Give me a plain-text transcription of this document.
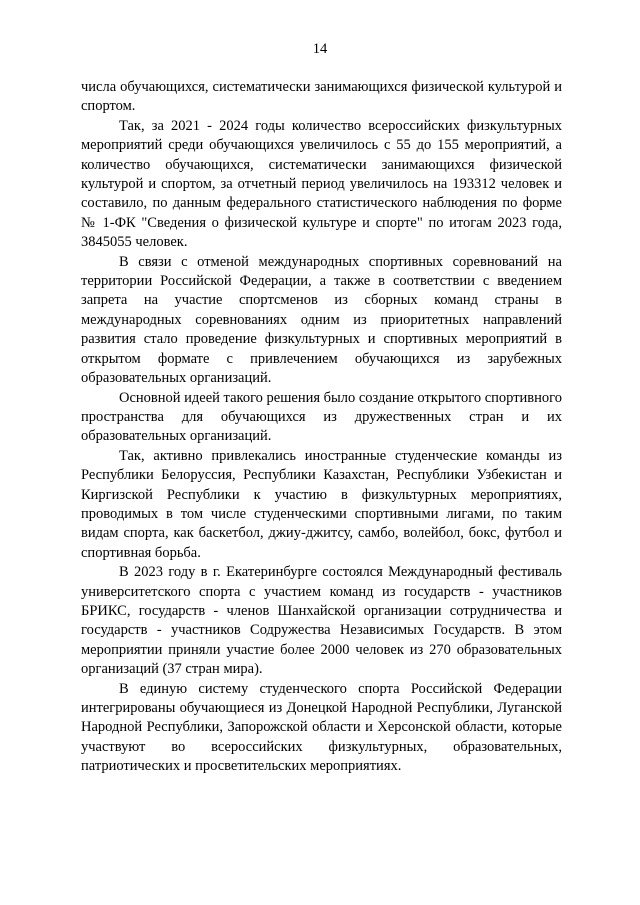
14

числа обучающихся, систематически занимающихся физической культурой и спортом.

Так, за 2021 - 2024 годы количество всероссийских физкультурных мероприятий среди обучающихся увеличилось с 55 до 155 мероприятий, а количество обучающихся, систематически занимающихся физической культурой и спортом, за отчетный период увеличилось на 193312 человек и составило, по данным федерального статистического наблюдения по форме № 1-ФК "Сведения о физической культуре и спорте" по итогам 2023 года, 3845055 человек.

В связи с отменой международных спортивных соревнований на территории Российской Федерации, а также в соответствии с введением запрета на участие спортсменов из сборных команд страны в международных соревнованиях одним из приоритетных направлений развития стало проведение физкультурных и спортивных мероприятий в открытом формате с привлечением обучающихся из зарубежных образовательных организаций.

Основной идеей такого решения было создание открытого спортивного пространства для обучающихся из дружественных стран и их образовательных организаций.

Так, активно привлекались иностранные студенческие команды из Республики Белоруссия, Республики Казахстан, Республики Узбекистан и Киргизской Республики к участию в физкультурных мероприятиях, проводимых в том числе студенческими спортивными лигами, по таким видам спорта, как баскетбол, джиу-джитсу, самбо, волейбол, бокс, футбол и спортивная борьба.

В 2023 году в г. Екатеринбурге состоялся Международный фестиваль университетского спорта с участием команд из государств - участников БРИКС, государств - членов Шанхайской организации сотрудничества и государств - участников Содружества Независимых Государств. В этом мероприятии приняли участие более 2000 человек из 270 образовательных организаций (37 стран мира).

В единую систему студенческого спорта Российской Федерации интегрированы обучающиеся из Донецкой Народной Республики, Луганской Народной Республики, Запорожской области и Херсонской области, которые участвуют во всероссийских физкультурных, образовательных, патриотических и просветительских мероприятиях.
